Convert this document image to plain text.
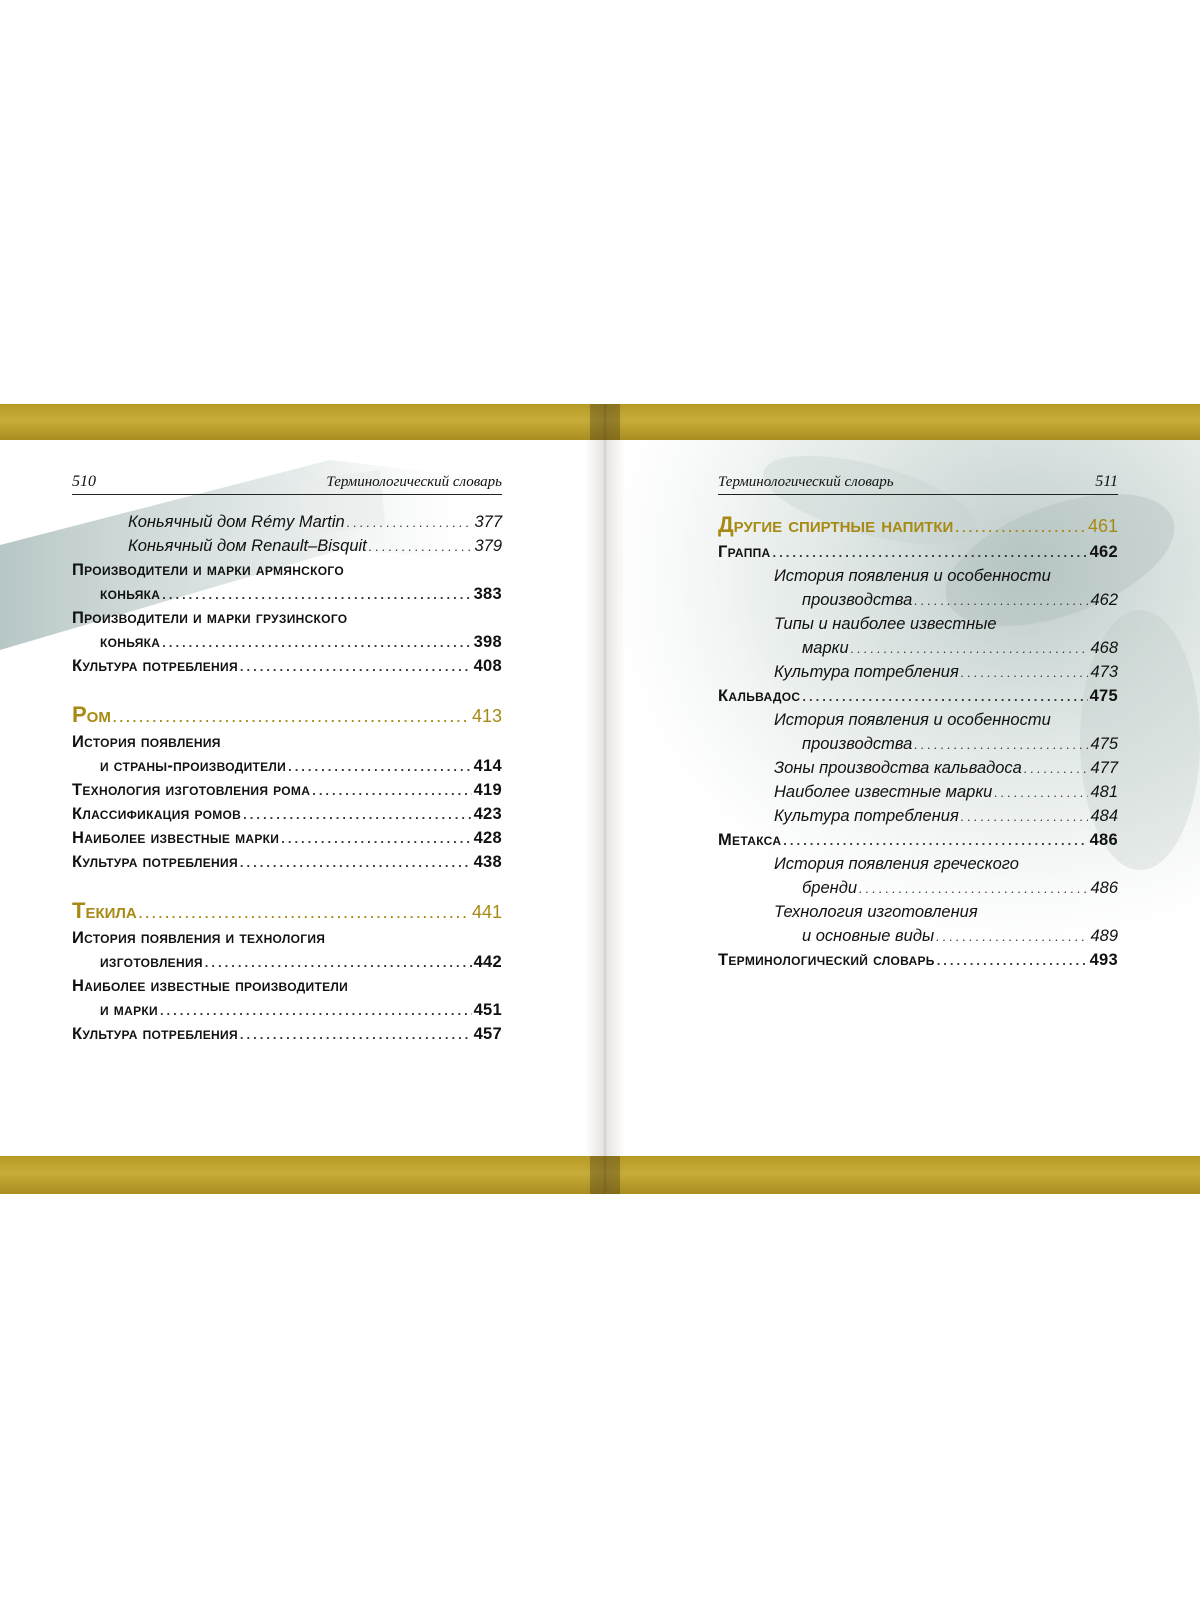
510	Терминологический словарь
Коньячный дом Rémy Martin .....	377
Коньячный дом Renault–Bisquit .....	379
Производители и марки армянского
коньяка .....	383
Производители и марки грузинского
коньяка .....	398
Культура потребления .....	408
Ром .....	413
История появления
и страны-производители .....	414
Технология изготовления рома .....	419
Классификация ромов .....	423
Наиболее известные марки .....	428
Культура потребления .....	438
Текила .....	441
История появления и технология
изготовления .....	442
Наиболее известные производители
и марки .....	451
Культура потребления .....	457
Терминологический словарь	511
Другие спиртные напитки .....	461
Граппа .....	462
История появления и особенности
производства .....	462
Типы и наиболее известные
марки .....	468
Культура потребления .....	473
Кальвадос .....	475
История появления и особенности
производства .....	475
Зоны производства кальвадоса .....	477
Наиболее известные марки .....	481
Культура потребления .....	484
Метакса .....	486
История появления греческого
бренди .....	486
Технология изготовления
и основные виды .....	489
Терминологический словарь .....	493
